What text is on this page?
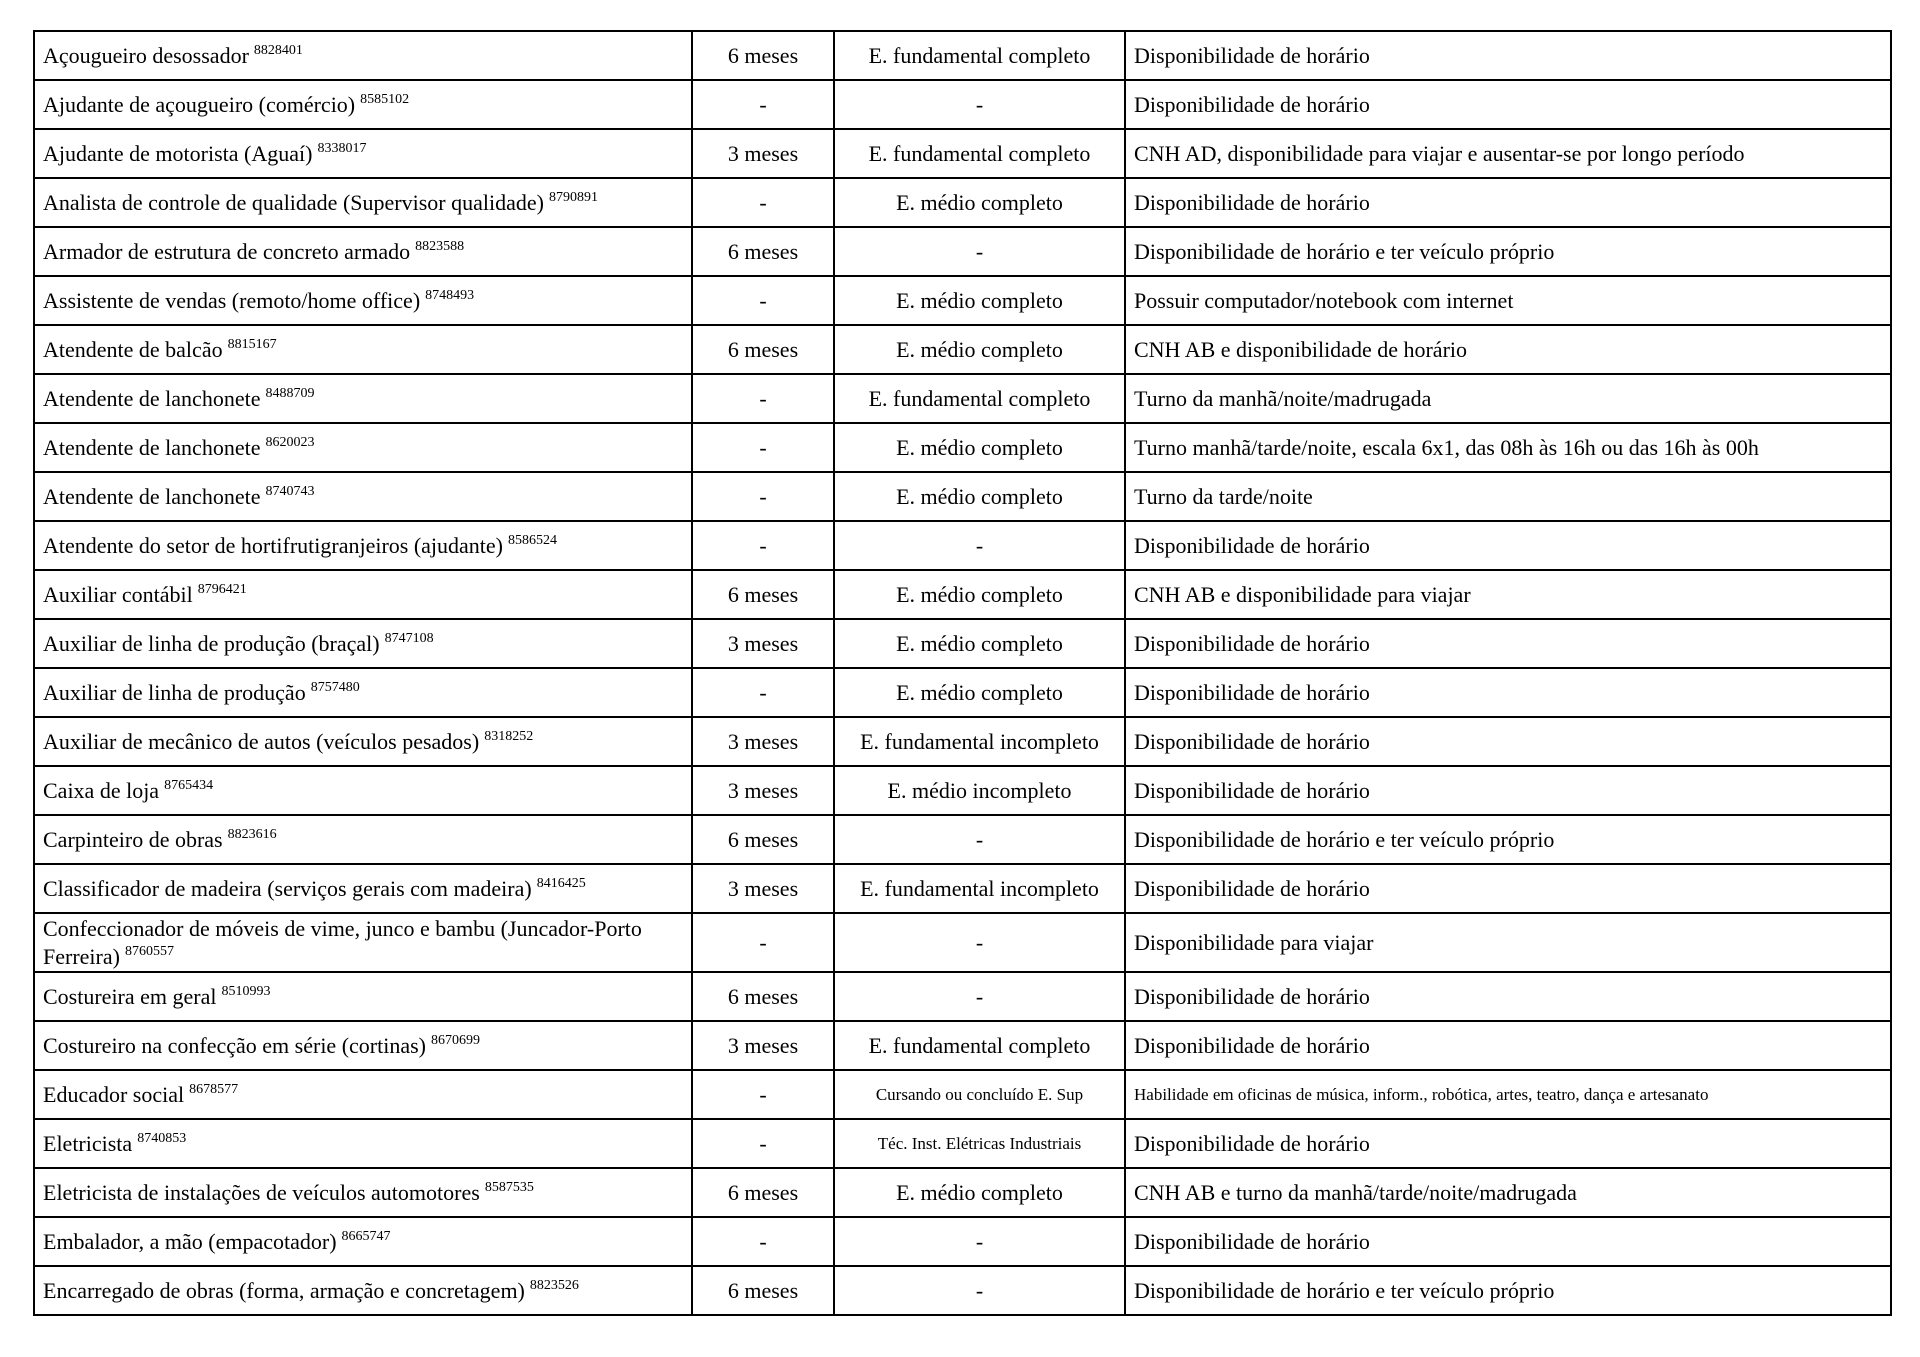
Açougueiro desossador $^{8828401}$	6 meses	E. fundamental completo	Disponibilidade de horário
Ajudante de açougueiro (comércio) $^{8585102}$	-	-	Disponibilidade de horário
Ajudante de motorista (Aguaí) $^{8338017}$	3 meses	E. fundamental completo	CNH AD, disponibilidade para viajar e ausentar-se por longo período
Analista de controle de qualidade (Supervisor qualidade) $^{8790891}$	-	E. médio completo	Disponibilidade de horário
Armador de estrutura de concreto armado $^{8823588}$	6 meses	-	Disponibilidade de horário e ter veículo próprio
Assistente de vendas (remoto/home office) $^{8748493}$	-	E. médio completo	Possuir computador/notebook com internet
Atendente de balcão $^{8815167}$	6 meses	E. médio completo	CNH AB e disponibilidade de horário
Atendente de lanchonete $^{8488709}$	-	E. fundamental completo	Turno da manhã/noite/madrugada
Atendente de lanchonete $^{8620023}$	-	E. médio completo	Turno manhã/tarde/noite, escala 6x1, das 08h às 16h ou das 16h às 00h
Atendente de lanchonete $^{8740743}$	-	E. médio completo	Turno da tarde/noite
Atendente do setor de hortifrutigranjeiros (ajudante) $^{8586524}$	-	-	Disponibilidade de horário
Auxiliar contábil $^{8796421}$	6 meses	E. médio completo	CNH AB e disponibilidade para viajar
Auxiliar de linha de produção (braçal) $^{8747108}$	3 meses	E. médio completo	Disponibilidade de horário
Auxiliar de linha de produção $^{8757480}$	-	E. médio completo	Disponibilidade de horário
Auxiliar de mecânico de autos (veículos pesados) $^{8318252}$	3 meses	E. fundamental incompleto	Disponibilidade de horário
Caixa de loja $^{8765434}$	3 meses	E. médio incompleto	Disponibilidade de horário
Carpinteiro de obras $^{8823616}$	6 meses	-	Disponibilidade de horário e ter veículo próprio
Classificador de madeira (serviços gerais com madeira) $^{8416425}$	3 meses	E. fundamental incompleto	Disponibilidade de horário
Confeccionador de móveis de vime, junco e bambu (Juncador-Porto Ferreira) $^{8760557}$	-	-	Disponibilidade para viajar
Costureira em geral $^{8510993}$	6 meses	-	Disponibilidade de horário
Costureiro na confecção em série (cortinas) $^{8670699}$	3 meses	E. fundamental completo	Disponibilidade de horário
Educador social $^{8678577}$	-	Cursando ou concluído E. Sup	Habilidade em oficinas de música, inform., robótica, artes, teatro, dança e artesanato
Eletricista $^{8740853}$	-	Téc. Inst. Elétricas Industriais	Disponibilidade de horário
Eletricista de instalações de veículos automotores $^{8587535}$	6 meses	E. médio completo	CNH AB e turno da manhã/tarde/noite/madrugada
Embalador, a mão (empacotador) $^{8665747}$	-	-	Disponibilidade de horário
Encarregado de obras (forma, armação e concretagem) $^{8823526}$	6 meses	-	Disponibilidade de horário e ter veículo próprio
